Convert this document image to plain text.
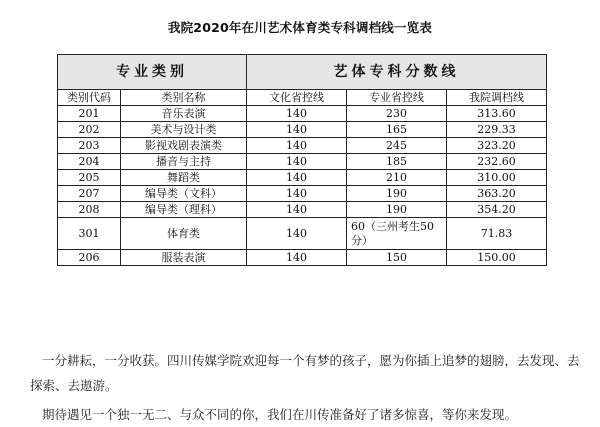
我院2020年在川艺术体育类专科调档线一览表
专业类别		艺体专科分数线		
类别代码	类别名称	文化省控线	专业省控线	我院调档线
201	音乐表演	140	230	313.60
202	美术与设计类	140	165	229.33
203	影视戏剧表演类	140	245	323.20
204	播音与主持	140	185	232.60
205	舞蹈类	140	210	310.00
207	编导类（文科）	140	190	363.20
208	编导类（理科）	140	190	354.20
301	体育类	140	60（三州考生50分）	71.83
206	服装表演	140	150	150.00

一分耕耘，一分收获。四川传媒学院欢迎每一个有梦的孩子，愿为你插上追梦的翅膀，去发现、去探索、去遨游。

期待遇见一个独一无二、与众不同的你，我们在川传准备好了诸多惊喜，等你来发现。
